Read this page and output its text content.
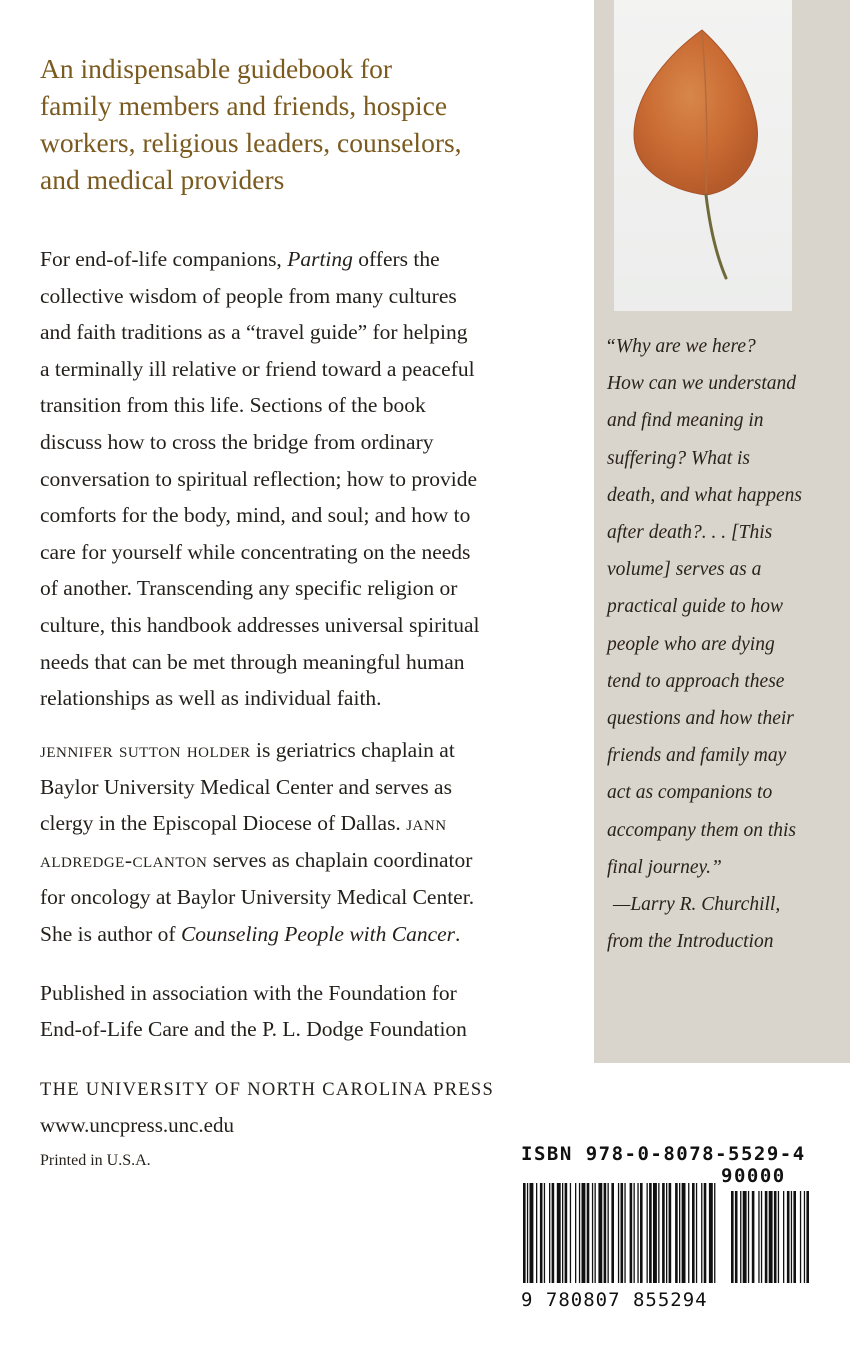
An indispensable guidebook for
family members and friends, hospice
workers, religious leaders, counselors,
and medical providers
For end-of-life companions, Parting offers the
collective wisdom of people from many cultures
and faith traditions as a “travel guide” for helping
a terminally ill relative or friend toward a peaceful
transition from this life. Sections of the book
discuss how to cross the bridge from ordinary
conversation to spiritual reflection; how to provide
comforts for the body, mind, and soul; and how to
care for yourself while concentrating on the needs
of another. Transcending any specific religion or
culture, this handbook addresses universal spiritual
needs that can be met through meaningful human
relationships as well as individual faith.
jennifer sutton holder is geriatrics chaplain at
Baylor University Medical Center and serves as
clergy in the Episcopal Diocese of Dallas. jann
aldredge-clanton serves as chaplain coordinator
for oncology at Baylor University Medical Center.
She is author of Counseling People with Cancer.
Published in association with the Foundation for
End-of-Life Care and the P. L. Dodge Foundation
THE UNIVERSITY OF NORTH CAROLINA PRESS
www.uncpress.unc.edu
Printed in U.S.A.
“Why are we here?
How can we understand
and find meaning in
suffering? What is
death, and what happens
after death?. . . [This
volume] serves as a
practical guide to how
people who are dying
tend to approach these
questions and how their
friends and family may
act as companions to
accompany them on this
final journey.”
—Larry R. Churchill,
from the Introduction
ISBN 978-0-8078-5529-4
90000
9 780807 855294
